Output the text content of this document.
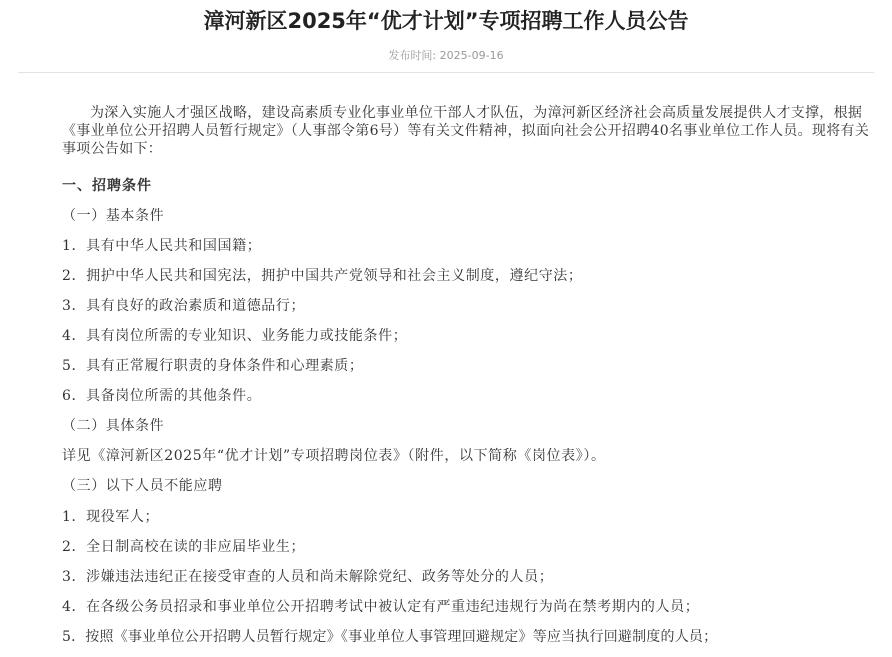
漳河新区2025年“优才计划”专项招聘工作人员公告
发布时间: 2025-09-16
为深入实施人才强区战略，建设高素质专业化事业单位干部人才队伍，为漳河新区经济社会高质量发展提供人才支撑，根据《事业单位公开招聘人员暂行规定》（人事部令第6号）等有关文件精神，拟面向社会公开招聘40名事业单位工作人员。现将有关事项公告如下：
一、招聘条件
（一）基本条件
1．具有中华人民共和国国籍；
2．拥护中华人民共和国宪法，拥护中国共产党领导和社会主义制度，遵纪守法；
3．具有良好的政治素质和道德品行；
4．具有岗位所需的专业知识、业务能力或技能条件；
5．具有正常履行职责的身体条件和心理素质；
6．具备岗位所需的其他条件。
（二）具体条件
详见《漳河新区2025年“优才计划”专项招聘岗位表》（附件，以下简称《岗位表》）。
（三）以下人员不能应聘
1．现役军人；
2．全日制高校在读的非应届毕业生；
3．涉嫌违法违纪正在接受审查的人员和尚未解除党纪、政务等处分的人员；
4．在各级公务员招录和事业单位公开招聘考试中被认定有严重违纪违规行为尚在禁考期内的人员；
5．按照《事业单位公开招聘人员暂行规定》《事业单位人事管理回避规定》等应当执行回避制度的人员；
